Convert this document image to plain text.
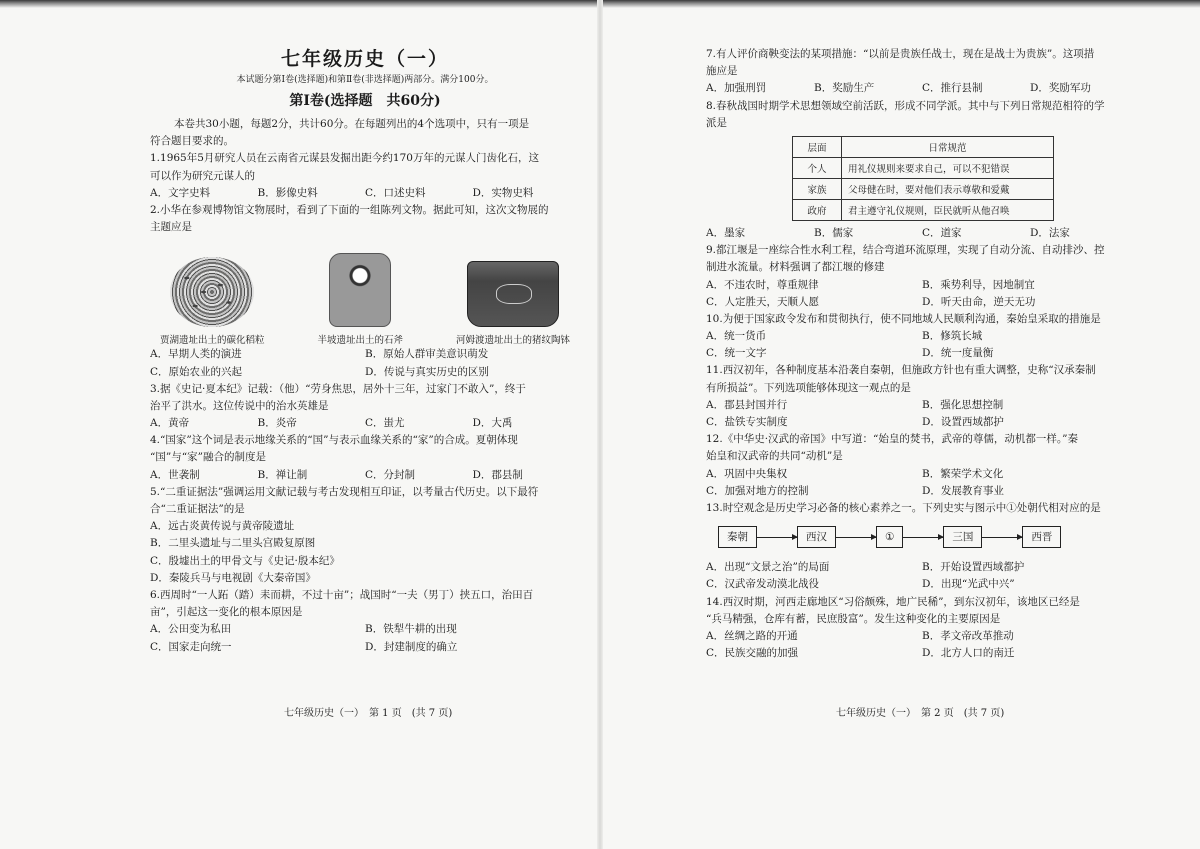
七年级历史（一）
本试题分第Ⅰ卷(选择题)和第Ⅱ卷(非选择题)两部分。满分100分。
第Ⅰ卷(选择题　共60分)
本卷共30小题，每题2分，共计60分。在每题列出的4个选项中，只有一项是
符合题目要求的。
1.1965年5月研究人员在云南省元谋县发掘出距今约170万年的元谋人门齿化石，这
可以作为研究元谋人的
A．文字史料	B．影像史料	C．口述史料	D．实物史料
2.小华在参观博物馆文物展时，看到了下面的一组陈列文物。据此可知，这次文物展的
主题应是
贾湖遗址出土的碳化稻粒	半坡遗址出土的石斧	河姆渡遗址出土的猪纹陶钵
A．早期人类的演进	B．原始人群审美意识萌发
C．原始农业的兴起	D．传说与真实历史的区别
3.据《史记·夏本纪》记载：（他）“劳身焦思，居外十三年，过家门不敢入”，终于
治平了洪水。这位传说中的治水英雄是
A．黄帝	B．炎帝	C．蚩尤	D．大禹
4.“国家”这个词是表示地缘关系的“国”与表示血缘关系的“家”的合成。夏朝体现
“国”与“家”融合的制度是
A．世袭制	B．禅让制	C．分封制	D．郡县制
5.“二重证据法”强调运用文献记载与考古发现相互印证，以考量古代历史。以下最符
合“二重证据法”的是
A．远古炎黄传说与黄帝陵遗址
B．二里头遗址与二里头宫殿复原图
C．殷墟出土的甲骨文与《史记·殷本纪》
D．秦陵兵马与电视剧《大秦帝国》
6.西周时“一人跖（踏）耒而耕，不过十亩”；战国时“一夫（男丁）挟五口，治田百
亩”，引起这一变化的根本原因是
A．公田变为私田	B．铁犁牛耕的出现
C．国家走向统一	D．封建制度的确立
七年级历史（一）　第 1 页　(共 7 页)
7.有人评价商鞅变法的某项措施：“以前是贵族任战士，现在是战士为贵族”。这项措
施应是
A．加强刑罚	B．奖励生产	C．推行县制	D．奖励军功
8.春秋战国时期学术思想领域空前活跃，形成不同学派。其中与下列日常规范相符的学
派是
层面	日常规范
个人	用礼仪规则来要求自己，可以不犯错误
家族	父母健在时，要对他们表示尊敬和爱戴
政府	君主遵守礼仪规则，臣民就听从他召唤
A．墨家	B．儒家	C．道家	D．法家
9.都江堰是一座综合性水利工程，结合弯道环流原理，实现了自动分流、自动排沙、控
制进水流量。材料强调了都江堰的修建
A．不违农时，尊重规律	B．乘势利导，因地制宜
C．人定胜天，天顺人愿	D．听天由命，逆天无功
10.为便于国家政令发布和贯彻执行，使不同地域人民顺利沟通，秦始皇采取的措施是
A．统一货币	B．修筑长城
C．统一文字	D．统一度量衡
11.西汉初年，各种制度基本沿袭自秦朝，但施政方针也有重大调整，史称“汉承秦制
有所损益”。下列选项能够体现这一观点的是
A．郡县封国并行	B．强化思想控制
C．盐铁专实制度	D．设置西域都护
12.《中华史·汉武的帝国》中写道：“始皇的焚书，武帝的尊儒，动机都一样。”秦
始皇和汉武帝的共同“动机”是
A．巩固中央集权	B．繁荣学术文化
C．加强对地方的控制	D．发展教育事业
13.时空观念是历史学习必备的核心素养之一。下列史实与图示中①处朝代相对应的是
秦朝	西汉	①	三国	西晋
A．出现“文景之治”的局面	B．开始设置西域都护
C．汉武帝发动漠北战役	D．出现“光武中兴”
14.西汉时期，河西走廊地区“习俗颇殊，地广民稀”，到东汉初年，该地区已经是
“兵马精强，仓库有蓄，民庶殷富”。发生这种变化的主要原因是
A．丝绸之路的开通	B．孝文帝改革推动
C．民族交融的加强	D．北方人口的南迁
七年级历史（一）　第 2 页　(共 7 页)
